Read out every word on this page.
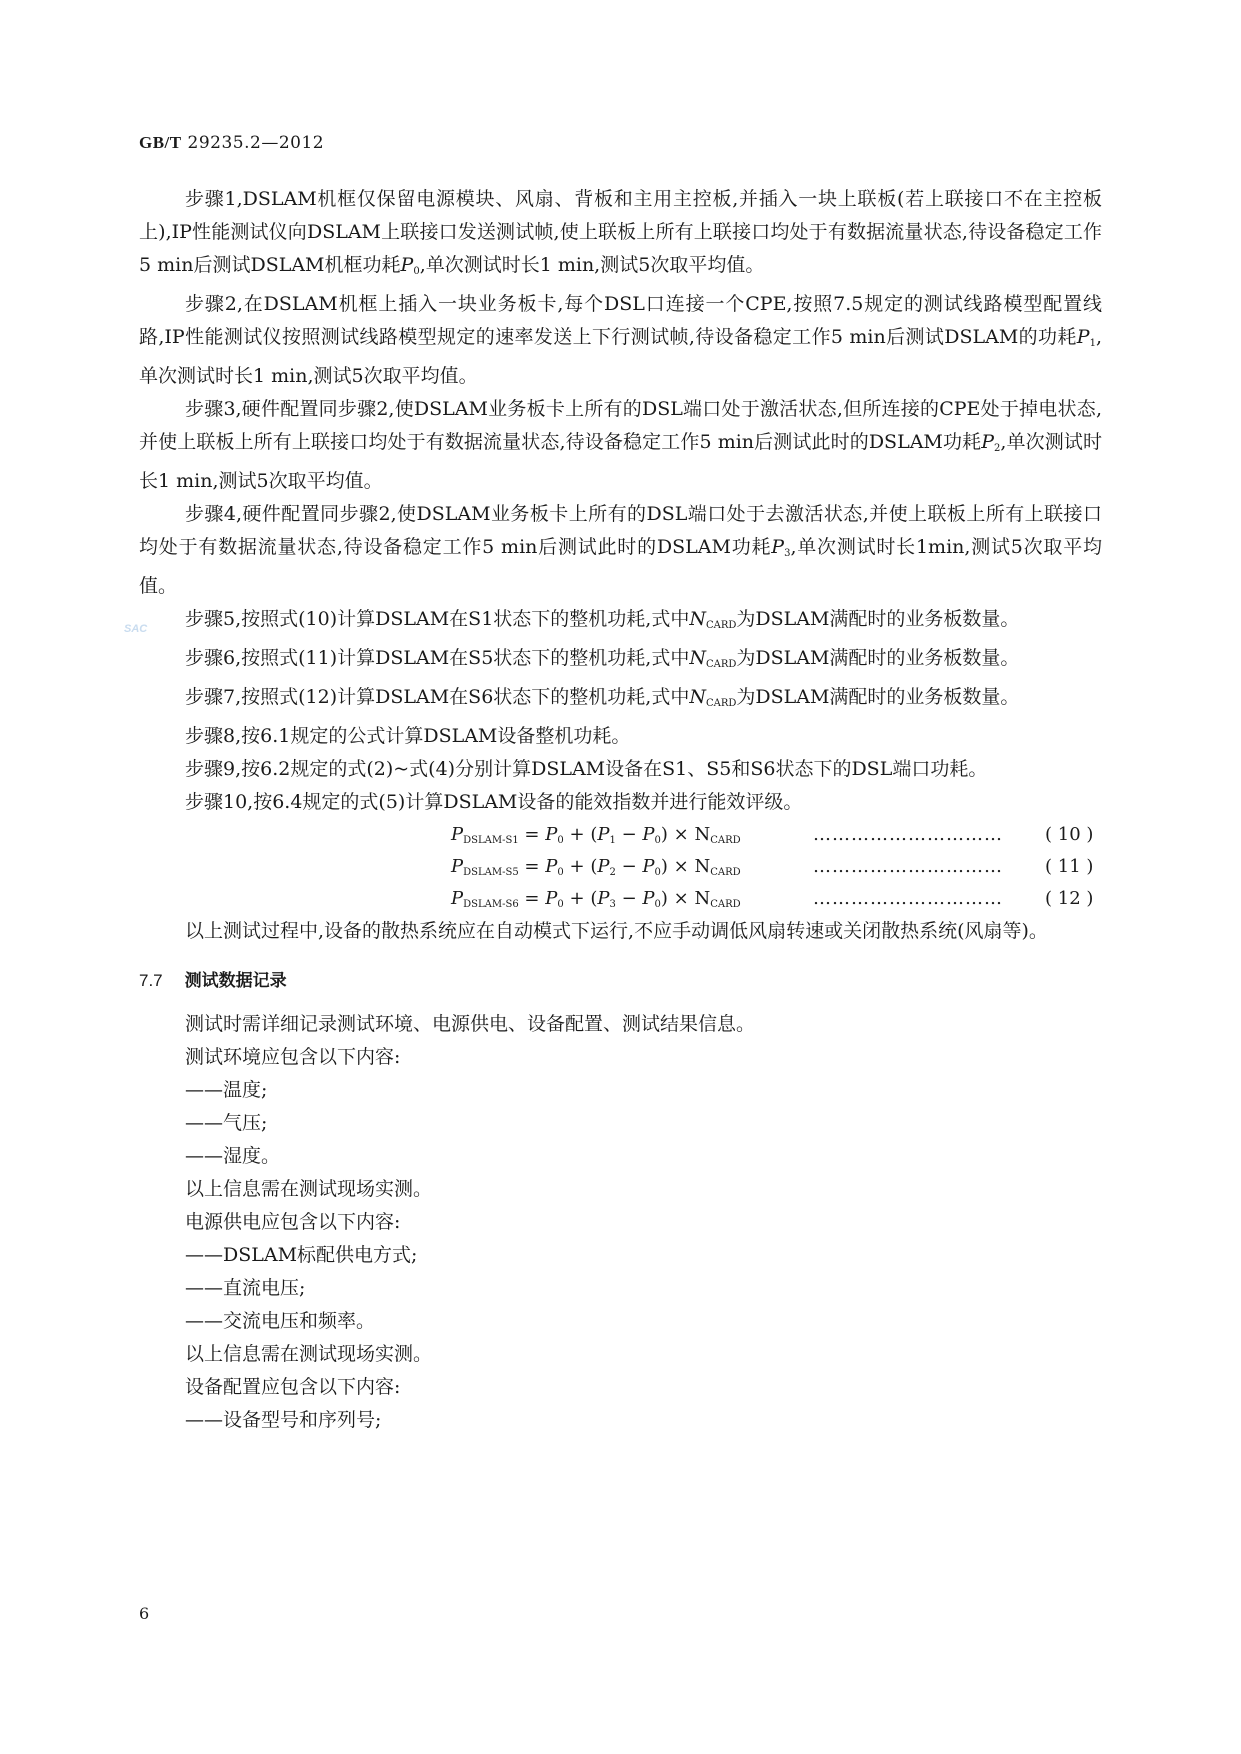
GB/T 29235.2—2012
SAC

步骤1,DSLAM机框仅保留电源模块、风扇、背板和主用主控板,并插入一块上联板(若上联接口不在主控板上),IP性能测试仪向DSLAM上联接口发送测试帧,使上联板上所有上联接口均处于有数据流量状态,待设备稳定工作5 min后测试DSLAM机框功耗$P_0$,单次测试时长1 min,测试5次取平均值。

步骤2,在DSLAM机框上插入一块业务板卡,每个DSL口连接一个CPE,按照7.5规定的测试线路模型配置线路,IP性能测试仪按照测试线路模型规定的速率发送上下行测试帧,待设备稳定工作5 min后测试DSLAM的功耗$P_1$,单次测试时长1 min,测试5次取平均值。

步骤3,硬件配置同步骤2,使DSLAM业务板卡上所有的DSL端口处于激活状态,但所连接的CPE处于掉电状态,并使上联板上所有上联接口均处于有数据流量状态,待设备稳定工作5 min后测试此时的DSLAM功耗$P_2$,单次测试时长1 min,测试5次取平均值。

步骤4,硬件配置同步骤2,使DSLAM业务板卡上所有的DSL端口处于去激活状态,并使上联板上所有上联接口均处于有数据流量状态,待设备稳定工作5 min后测试此时的DSLAM功耗$P_3$,单次测试时长1min,测试5次取平均值。

步骤5,按照式(10)计算DSLAM在S1状态下的整机功耗,式中$N_{CARD}$为DSLAM满配时的业务板数量。

步骤6,按照式(11)计算DSLAM在S5状态下的整机功耗,式中$N_{CARD}$为DSLAM满配时的业务板数量。

步骤7,按照式(12)计算DSLAM在S6状态下的整机功耗,式中$N_{CARD}$为DSLAM满配时的业务板数量。

步骤8,按6.1规定的公式计算DSLAM设备整机功耗。

步骤9,按6.2规定的式(2)~式(4)分别计算DSLAM设备在S1、S5和S6状态下的DSL端口功耗。

步骤10,按6.4规定的式(5)计算DSLAM设备的能效指数并进行能效评级。

$P_{DSLAM-S1} = P_0 + (P_1 - P_0) \times N_{CARD}$	………………………… ( 10 )
$P_{DSLAM-S5} = P_0 + (P_2 - P_0) \times N_{CARD}$	………………………… ( 11 )
$P_{DSLAM-S6} = P_0 + (P_3 - P_0) \times N_{CARD}$	………………………… ( 12 )

以上测试过程中,设备的散热系统应在自动模式下运行,不应手动调低风扇转速或关闭散热系统(风扇等)。

7.7 测试数据记录

测试时需详细记录测试环境、电源供电、设备配置、测试结果信息。

测试环境应包含以下内容:

——温度;

——气压;

——湿度。

以上信息需在测试现场实测。

电源供电应包含以下内容:

——DSLAM标配供电方式;

——直流电压;

——交流电压和频率。

以上信息需在测试现场实测。

设备配置应包含以下内容:

——设备型号和序列号;

6
